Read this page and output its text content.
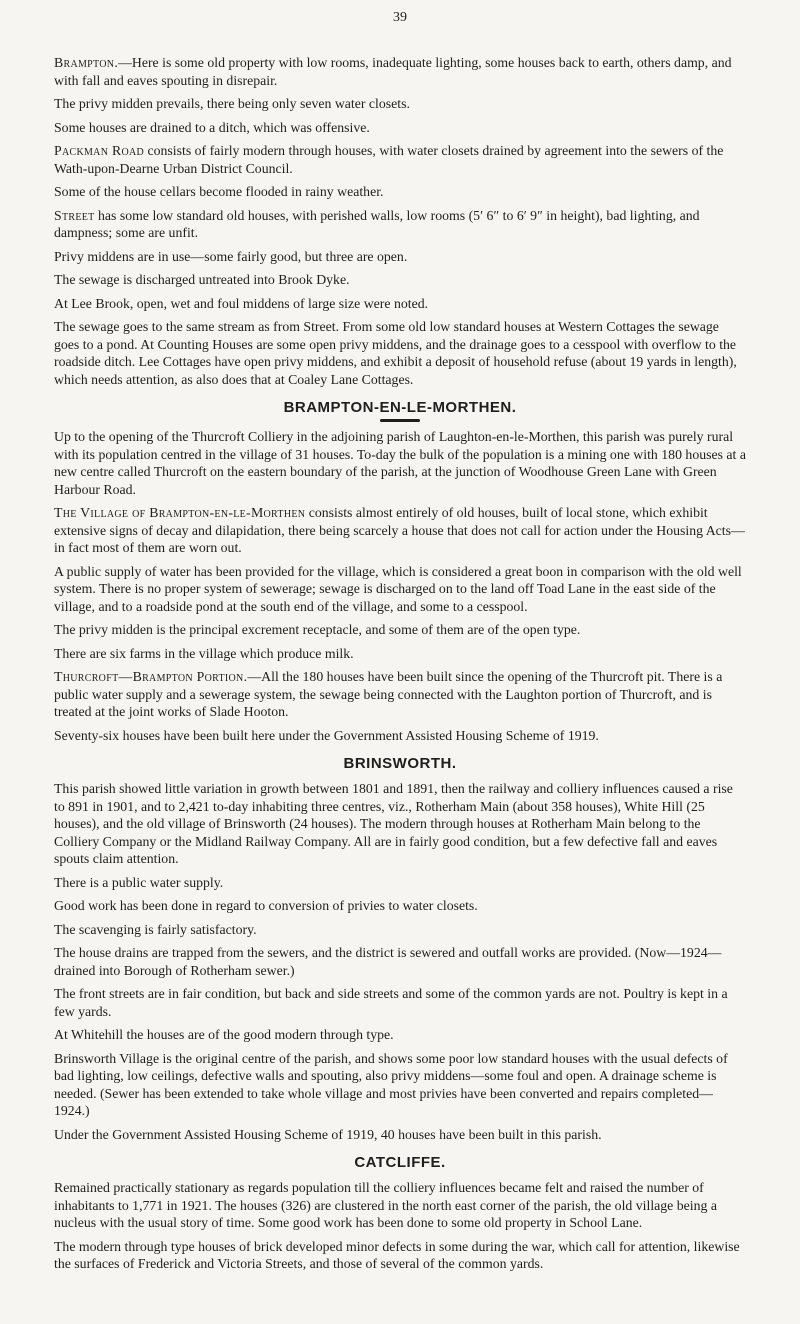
39

Brampton.—Here is some old property with low rooms, inadequate lighting, some houses back to earth, others damp, and with fall and eaves spouting in disrepair.

The privy midden prevails, there being only seven water closets.

Some houses are drained to a ditch, which was offensive.

Packman Road consists of fairly modern through houses, with water closets drained by agreement into the sewers of the Wath-upon-Dearne Urban District Council.

Some of the house cellars become flooded in rainy weather.

Street has some low standard old houses, with perished walls, low rooms (5′ 6″ to 6′ 9″ in height), bad lighting, and dampness; some are unfit.

Privy middens are in use—some fairly good, but three are open.

The sewage is discharged untreated into Brook Dyke.

At Lee Brook, open, wet and foul middens of large size were noted.

The sewage goes to the same stream as from Street. From some old low standard houses at Western Cottages the sewage goes to a pond. At Counting Houses are some open privy middens, and the drainage goes to a cesspool with overflow to the roadside ditch. Lee Cottages have open privy middens, and exhibit a deposit of household refuse (about 19 yards in length), which needs attention, as also does that at Coaley Lane Cottages.

BRAMPTON-EN-LE-MORTHEN.

Up to the opening of the Thurcroft Colliery in the adjoining parish of Laughton-en-le-Morthen, this parish was purely rural with its population centred in the village of 31 houses. To-day the bulk of the population is a mining one with 180 houses at a new centre called Thurcroft on the eastern boundary of the parish, at the junction of Woodhouse Green Lane with Green Harbour Road.

The Village of Brampton-en-le-Morthen consists almost entirely of old houses, built of local stone, which exhibit extensive signs of decay and dilapidation, there being scarcely a house that does not call for action under the Housing Acts—in fact most of them are worn out.

A public supply of water has been provided for the village, which is considered a great boon in comparison with the old well system. There is no proper system of sewerage; sewage is discharged on to the land off Toad Lane in the east side of the village, and to a roadside pond at the south end of the village, and some to a cesspool.

The privy midden is the principal excrement receptacle, and some of them are of the open type.

There are six farms in the village which produce milk.

Thurcroft—Brampton Portion.—All the 180 houses have been built since the opening of the Thurcroft pit. There is a public water supply and a sewerage system, the sewage being connected with the Laughton portion of Thurcroft, and is treated at the joint works of Slade Hooton.

Seventy-six houses have been built here under the Government Assisted Housing Scheme of 1919.

BRINSWORTH.

This parish showed little variation in growth between 1801 and 1891, then the railway and colliery influences caused a rise to 891 in 1901, and to 2,421 to-day inhabiting three centres, viz., Rotherham Main (about 358 houses), White Hill (25 houses), and the old village of Brinsworth (24 houses). The modern through houses at Rotherham Main belong to the Colliery Company or the Midland Railway Company. All are in fairly good condition, but a few defective fall and eaves spouts claim attention.

There is a public water supply.

Good work has been done in regard to conversion of privies to water closets.

The scavenging is fairly satisfactory.

The house drains are trapped from the sewers, and the district is sewered and outfall works are provided. (Now—1924—drained into Borough of Rotherham sewer.)

The front streets are in fair condition, but back and side streets and some of the common yards are not. Poultry is kept in a few yards.

At Whitehill the houses are of the good modern through type.

Brinsworth Village is the original centre of the parish, and shows some poor low standard houses with the usual defects of bad lighting, low ceilings, defective walls and spouting, also privy middens—some foul and open. A drainage scheme is needed. (Sewer has been extended to take whole village and most privies have been converted and repairs completed—1924.)

Under the Government Assisted Housing Scheme of 1919, 40 houses have been built in this parish.

CATCLIFFE.

Remained practically stationary as regards population till the colliery influences became felt and raised the number of inhabitants to 1,771 in 1921. The houses (326) are clustered in the north east corner of the parish, the old village being a nucleus with the usual story of time. Some good work has been done to some old property in School Lane.

The modern through type houses of brick developed minor defects in some during the war, which call for attention, likewise the surfaces of Frederick and Victoria Streets, and those of several of the common yards.
